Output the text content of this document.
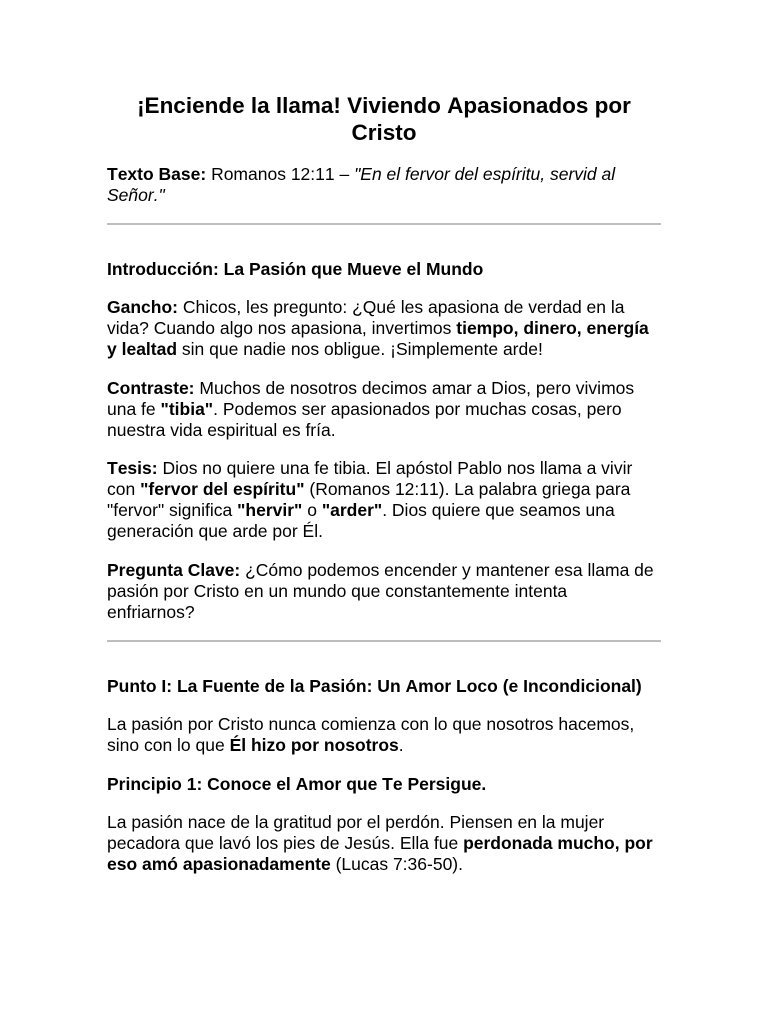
¡Enciende la llama! Viviendo Apasionados por Cristo

Texto Base: Romanos 12:11 – "En el fervor del espíritu, servid al Señor."

Introducción: La Pasión que Mueve el Mundo

Gancho: Chicos, les pregunto: ¿Qué les apasiona de verdad en la vida? Cuando algo nos apasiona, invertimos tiempo, dinero, energía y lealtad sin que nadie nos obligue. ¡Simplemente arde!

Contraste: Muchos de nosotros decimos amar a Dios, pero vivimos una fe "tibia". Podemos ser apasionados por muchas cosas, pero nuestra vida espiritual es fría.

Tesis: Dios no quiere una fe tibia. El apóstol Pablo nos llama a vivir con "fervor del espíritu" (Romanos 12:11). La palabra griega para "fervor" significa "hervir" o "arder". Dios quiere que seamos una generación que arde por Él.

Pregunta Clave: ¿Cómo podemos encender y mantener esa llama de pasión por Cristo en un mundo que constantemente intenta enfriarnos?

Punto I: La Fuente de la Pasión: Un Amor Loco (e Incondicional)

La pasión por Cristo nunca comienza con lo que nosotros hacemos, sino con lo que Él hizo por nosotros.

Principio 1: Conoce el Amor que Te Persigue.

La pasión nace de la gratitud por el perdón. Piensen en la mujer pecadora que lavó los pies de Jesús. Ella fue perdonada mucho, por eso amó apasionadamente (Lucas 7:36-50).
